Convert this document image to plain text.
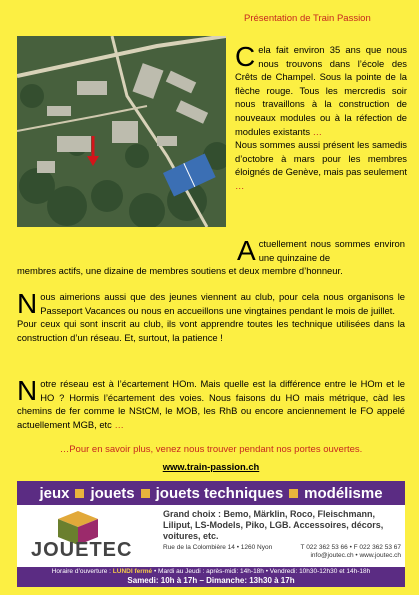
Présentation de Train Passion
C ela fait environ 35 ans que nous nous trouvons dans l’école des Crêts de Champel. Sous la pointe de la flèche rouge. Tous les mercredis soir nous travaillons à la construction de nouveaux modules ou à la réfection de modules existants …
Nous sommes aussi présent les samedis d’octobre à mars pour les membres éloignés de Genève, mais pas seulement …
A ctuellement nous sommes environ une quinzaine de
membres actifs, une dizaine de membres soutiens et deux membre d’honneur.
N ous aimerions aussi que des jeunes viennent au club, pour cela nous organisons le Passeport Vacances ou nous en accueillons une vingtaines pendant le mois de juillet.
Pour ceux qui sont inscrit au club, ils vont apprendre toutes les technique utilisées dans la construction d’un réseau. Et, surtout, la patience !
N otre réseau est à l’écartement HOm. Mais quelle est la différence entre le HOm et le HO ? Hormis l’écartement des voies. Nous faisons du HO mais métrique, càd les chemins de fer comme le NStCM, le MOB, les RhB ou encore anciennement le FO appelé actuellement MGB, etc …
…Pour en savoir plus, venez nous trouver pendant nos portes ouvertes.
www.train-passion.ch
jeux jouets jouets techniques modélisme
JOUETEC
Grand choix : Bemo, Märklin, Roco, Fleischmann, Liliput, LS-Models, Piko, LGB. Accessoires, décors, voitures, etc.
Rue de la Colombière 14 • 1260 Nyon	T 022 362 53 66 • F 022 362 53 67
info@joutec.ch • www.joutec.ch
Horaire d’ouverture : LUNDI fermé • Mardi au Jeudi : après-midi: 14h-18h • Vendredi: 10h30-12h30 et 14h-18h
Samedi: 10h à 17h – Dimanche: 13h30 à 17h
